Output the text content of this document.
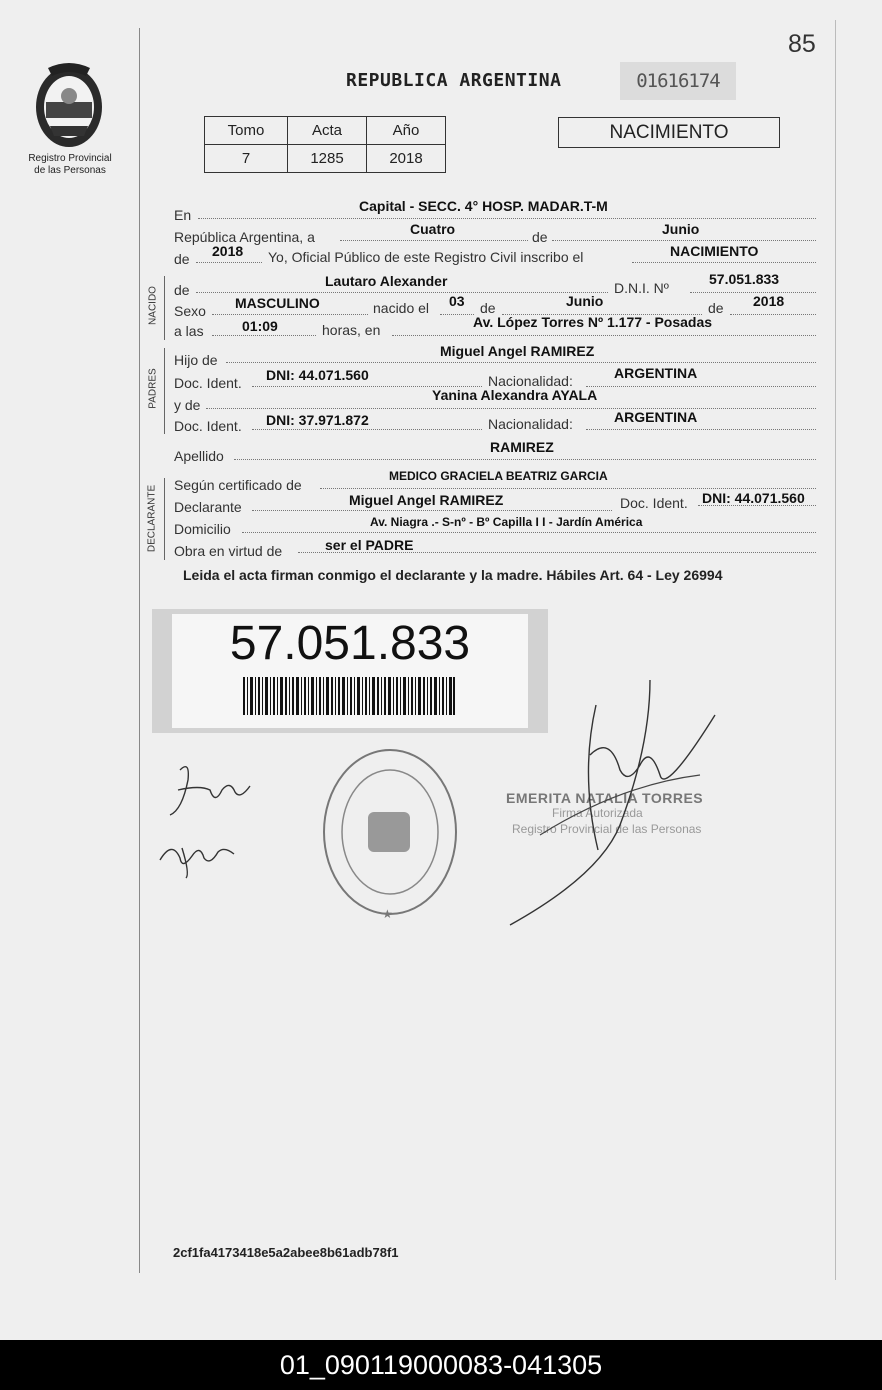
85
Registro Provincial
de las Personas
REPUBLICA ARGENTINA	01616174
Tomo	Acta	Año
7	1285	2018
NACIMIENTO
En
Capital - SECC. 4° HOSP. MADAR.T-M
República Argentina, a	Cuatro	de	Junio
de 2018 Yo, Oficial Público de este Registro Civil inscribo el	NACIMIENTO
NACIDO de
Lautaro Alexander	D.N.I. Nº
57.051.833
Sexo MASCULINO	nacido el 03 de	Junio	de 2018
a las	01:09	horas, en	Av. López Torres Nº 1.177 - Posadas
PADRES
Hijo de
Miguel Angel RAMIREZ
Doc. Ident. DNI: 44.071.560	Nacionalidad:	ARGENTINA
y de
Yanina Alexandra AYALA
Doc. Ident. DNI: 37.971.872	Nacionalidad:	ARGENTINA
Apellido
RAMIREZ
DECLARANTE Según certificado de
MEDICO GRACIELA BEATRIZ GARCIA
Declarante	Miguel Angel RAMIREZ	Doc. Ident. DNI: 44.071.560
Domicilio	Av. Niagra .- S-nº - Bº Capilla I I - Jardín América
Obra en virtud de	ser el PADRE
Leida el acta firman conmigo el declarante y la madre. Hábiles Art. 64 - Ley 26994
57.051.833
★
EMERITA NATALIA TORRES
Firma Autorizada
Registro Provincial de las Personas
2cf1fa4173418e5a2abee8b61adb78f1
01_090119000083-041305
